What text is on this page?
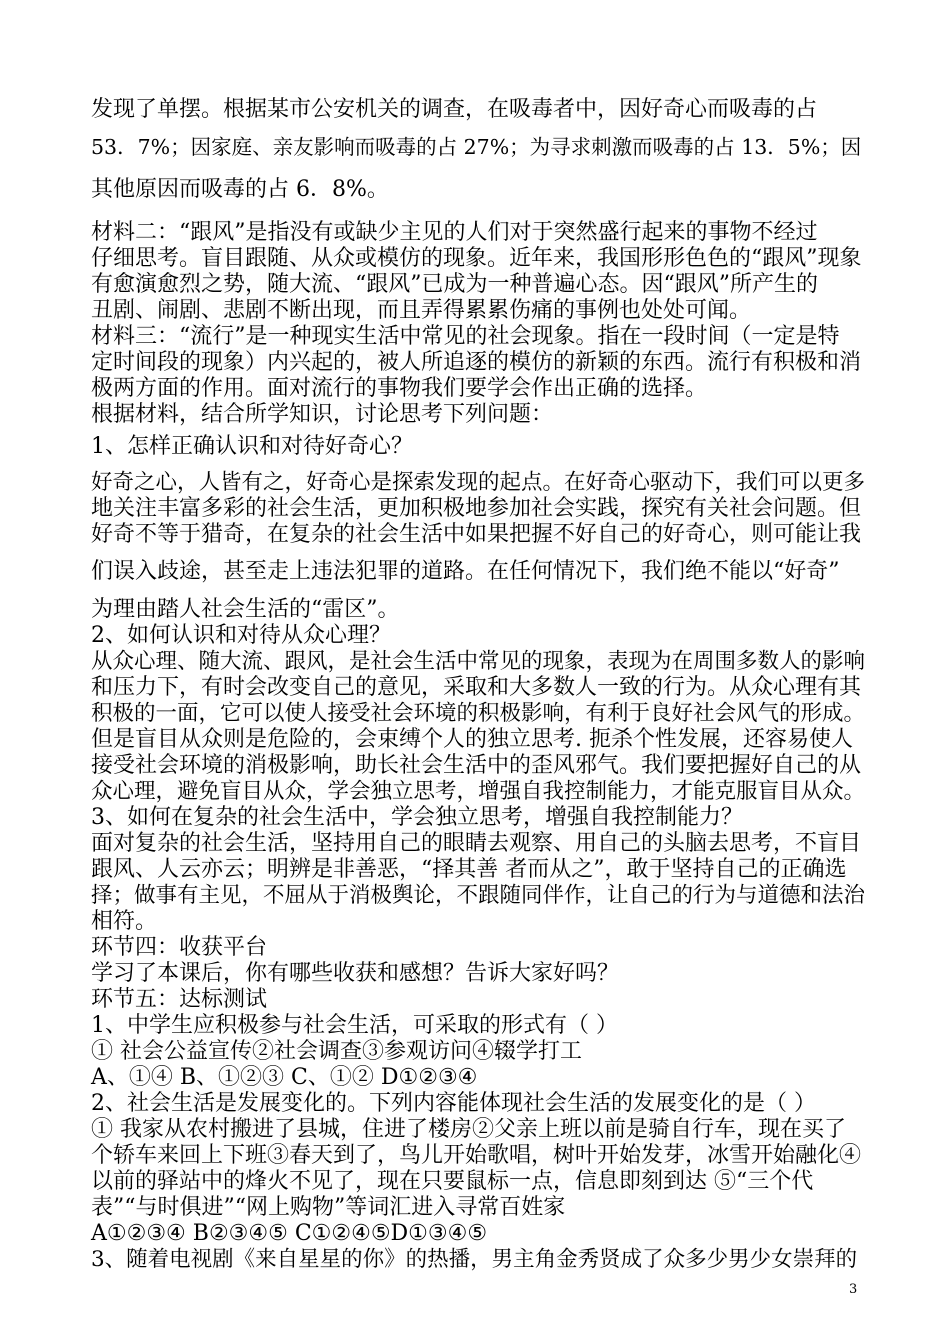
发现了单摆。根据某市公安机关的调查，在吸毒者中，因好奇心而吸毒的占
53．7%；因家庭、亲友影响而吸毒的占 27%；为寻求刺激而吸毒的占 13．5%；因
其他原因而吸毒的占 6．8%。
材料二：“跟风”是指没有或缺少主见的人们对于突然盛行起来的事物不经过
仔细思考。盲目跟随、从众或模仿的现象。近年来，我国形形色色的“跟风”现象
有愈演愈烈之势，随大流、“跟风”已成为一种普遍心态。因“跟风”所产生的
丑剧、闹剧、悲剧不断出现，而且弄得累累伤痛的事例也处处可闻。
材料三：“流行”是一种现实生活中常见的社会现象。指在一段时间（一定是特
定时间段的现象）内兴起的，被人所追逐的模仿的新颖的东西。流行有积极和消
极两方面的作用。面对流行的事物我们要学会作出正确的选择。
根据材料，结合所学知识，讨论思考下列问题：
1、怎样正确认识和对待好奇心？
好奇之心，人皆有之，好奇心是探索发现的起点。在好奇心驱动下，我们可以更多
地关注丰富多彩的社会生活，更加积极地参加社会实践，探究有关社会问题。但
好奇不等于猎奇，在复杂的社会生活中如果把握不好自己的好奇心，则可能让我
们误入歧途，甚至走上违法犯罪的道路。在任何情况下，我们绝不能以“好奇”
为理由踏人社会生活的“雷区”。
2、如何认识和对待从众心理？
从众心理、随大流、跟风，是社会生活中常见的现象，表现为在周围多数人的影响
和压力下，有时会改变自己的意见，采取和大多数人一致的行为。从众心理有其
积极的一面，它可以使人接受社会环境的积极影响，有利于良好社会风气的形成。
但是盲目从众则是危险的，会束缚个人的独立思考. 扼杀个性发展，还容易使人
接受社会环境的消极影响，助长社会生活中的歪风邪气。我们要把握好自己的从
众心理，避免盲目从众，学会独立思考，增强自我控制能力，才能克服盲目从众。
3、如何在复杂的社会生活中，学会独立思考，增强自我控制能力？
面对复杂的社会生活，坚持用自己的眼睛去观察、用自己的头脑去思考，不盲目
跟风、人云亦云；明辨是非善恶，“择其善 者而从之”，敢于坚持自己的正确选
择；做事有主见，不屈从于消极舆论，不跟随同伴作，让自己的行为与道德和法治
相符。
环节四：收获平台
学习了本课后，你有哪些收获和感想？告诉大家好吗？
环节五：达标测试
1、中学生应积极参与社会生活，可采取的形式有（ ）
① 社会公益宣传②社会调查③参观访问④辍学打工
A、①④ B、①②③ C、①② D①②③④
2、社会生活是发展变化的。下列内容能体现社会生活的发展变化的是（ ）
① 我家从农村搬进了县城，住进了楼房②父亲上班以前是骑自行车，现在买了
个轿车来回上下班③春天到了，鸟儿开始歌唱，树叶开始发芽，冰雪开始融化④
以前的驿站中的烽火不见了，现在只要鼠标一点，信息即刻到达 ⑤“三个代
表”“与时俱进”“网上购物”等词汇进入寻常百姓家
A①②③④ B②③④⑤ C①②④⑤D①③④⑤
3、随着电视剧《来自星星的你》的热播，男主角金秀贤成了众多少男少女崇拜的
3
